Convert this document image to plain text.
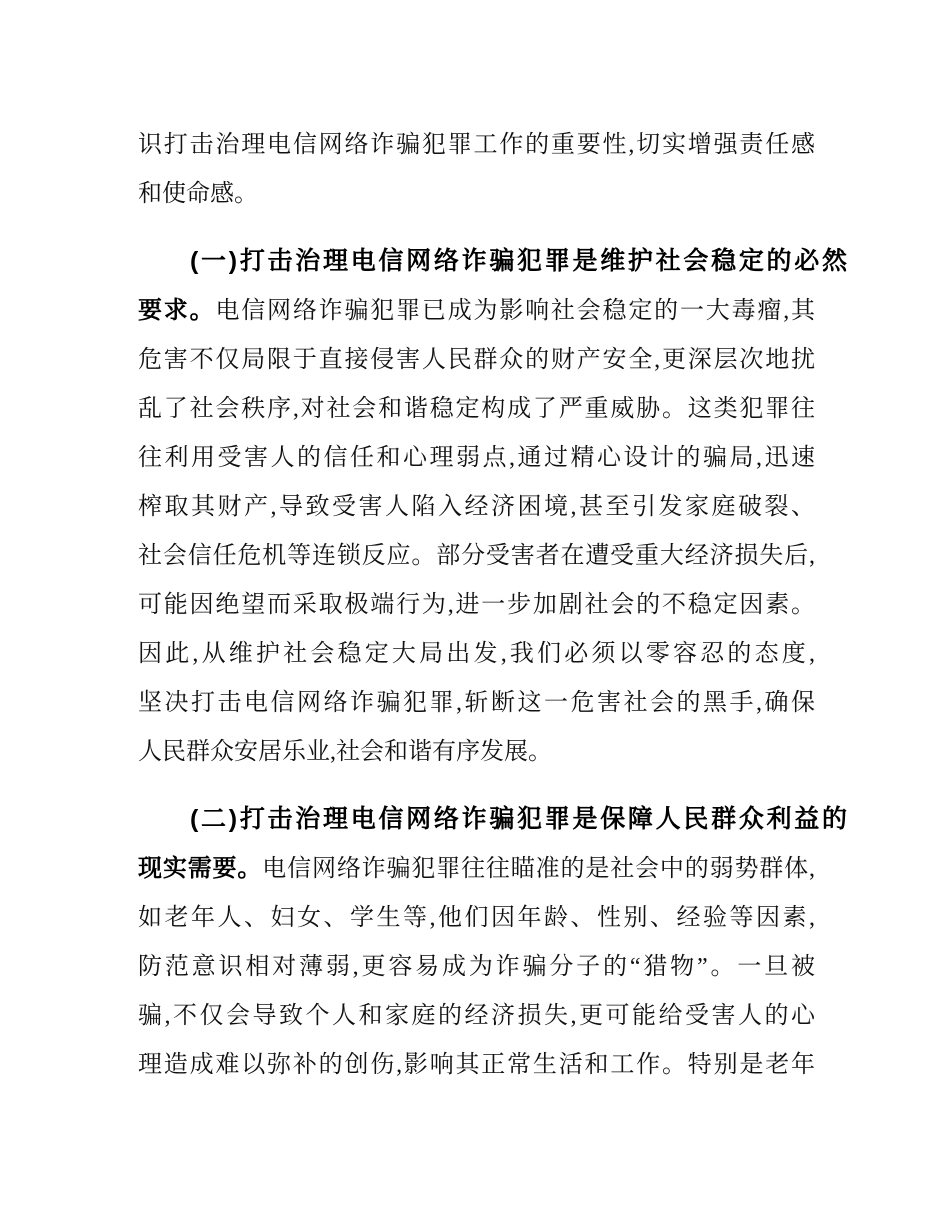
识打击治理电信网络诈骗犯罪工作的重要性,切实增强责任感
和使命感。
(一)打击治理电信网络诈骗犯罪是维护社会稳定的必然
要求。电信网络诈骗犯罪已成为影响社会稳定的一大毒瘤,其
危害不仅局限于直接侵害人民群众的财产安全,更深层次地扰
乱了社会秩序,对社会和谐稳定构成了严重威胁。这类犯罪往
往利用受害人的信任和心理弱点,通过精心设计的骗局,迅速
榨取其财产,导致受害人陷入经济困境,甚至引发家庭破裂、
社会信任危机等连锁反应。部分受害者在遭受重大经济损失后,
可能因绝望而采取极端行为,进一步加剧社会的不稳定因素。
因此,从维护社会稳定大局出发,我们必须以零容忍的态度,
坚决打击电信网络诈骗犯罪,斩断这一危害社会的黑手,确保
人民群众安居乐业,社会和谐有序发展。
(二)打击治理电信网络诈骗犯罪是保障人民群众利益的
现实需要。电信网络诈骗犯罪往往瞄准的是社会中的弱势群体,
如老年人、妇女、学生等,他们因年龄、性别、经验等因素,
防范意识相对薄弱,更容易成为诈骗分子的“猎物”。一旦被
骗,不仅会导致个人和家庭的经济损失,更可能给受害人的心
理造成难以弥补的创伤,影响其正常生活和工作。特别是老年
